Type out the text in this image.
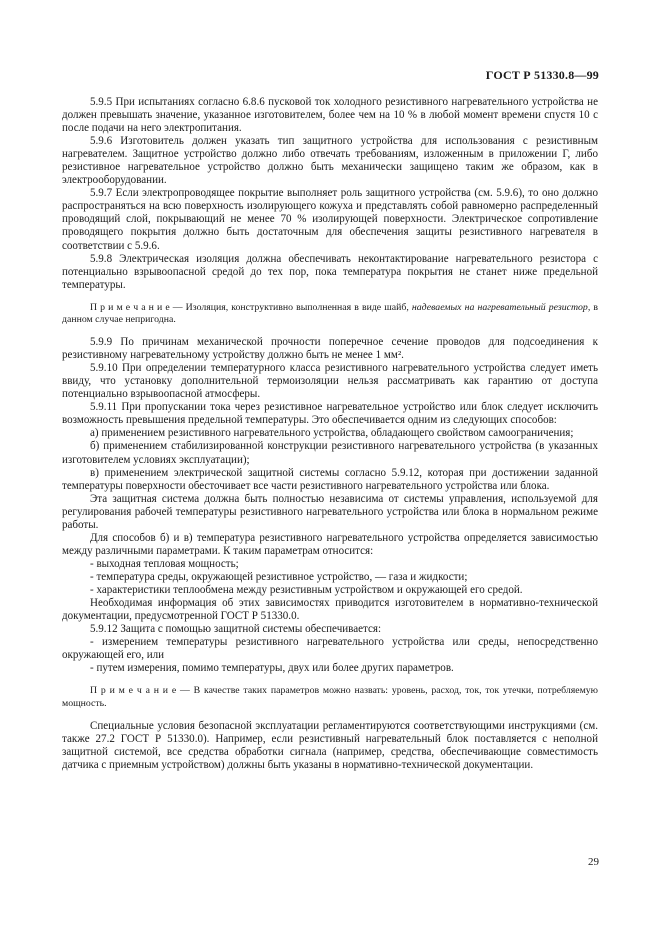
ГОСТ Р 51330.8—99

5.9.5 При испытаниях согласно 6.8.6 пусковой ток холодного резистивного нагревательного устройства не должен превышать значение, указанное изготовителем, более чем на 10 % в любой момент времени спустя 10 с после подачи на него электропитания.

5.9.6 Изготовитель должен указать тип защитного устройства для использования с резистивным нагревателем. Защитное устройство должно либо отвечать требованиям, изложенным в приложении Г, либо резистивное нагревательное устройство должно быть механически защищено таким же образом, как в электрооборудовании.

5.9.7 Если электропроводящее покрытие выполняет роль защитного устройства (см. 5.9.6), то оно должно распространяться на всю поверхность изолирующего кожуха и представлять собой равномерно распределенный проводящий слой, покрывающий не менее 70 % изолирующей поверхности. Электрическое сопротивление проводящего покрытия должно быть достаточным для обеспечения защиты резистивного нагревателя в соответствии с 5.9.6.

5.9.8 Электрическая изоляция должна обеспечивать неконтактирование нагревательного резистора с потенциально взрывоопасной средой до тех пор, пока температура покрытия не станет ниже предельной температуры.

П р и м е ч а н и е — Изоляция, конструктивно выполненная в виде шайб, надеваемых на нагревательный резистор, в данном случае непригодна.

5.9.9 По причинам механической прочности поперечное сечение проводов для подсоединения к резистивному нагревательному устройству должно быть не менее 1 мм².

5.9.10 При определении температурного класса резистивного нагревательного устройства следует иметь ввиду, что установку дополнительной термоизоляции нельзя рассматривать как гарантию от доступа потенциально взрывоопасной атмосферы.

5.9.11 При пропускании тока через резистивное нагревательное устройство или блок следует исключить возможность превышения предельной температуры. Это обеспечивается одним из следующих способов:

а) применением резистивного нагревательного устройства, обладающего свойством самоограничения;

б) применением стабилизированной конструкции резистивного нагревательного устройства (в указанных изготовителем условиях эксплуатации);

в) применением электрической защитной системы согласно 5.9.12, которая при достижении заданной температуры поверхности обесточивает все части резистивного нагревательного устройства или блока.

Эта защитная система должна быть полностью независима от системы управления, используемой для регулирования рабочей температуры резистивного нагревательного устройства или блока в нормальном режиме работы.

Для способов б) и в) температура резистивного нагревательного устройства определяется зависимостью между различными параметрами. К таким параметрам относится:

- выходная тепловая мощность;

- температура среды, окружающей резистивное устройство, — газа и жидкости;

- характеристики теплообмена между резистивным устройством и окружающей его средой.

Необходимая информация об этих зависимостях приводится изготовителем в нормативно-технической документации, предусмотренной ГОСТ Р 51330.0.

5.9.12 Защита с помощью защитной системы обеспечивается:

- измерением температуры резистивного нагревательного устройства или среды, непосредственно окружающей его, или

- путем измерения, помимо температуры, двух или более других параметров.

П р и м е ч а н и е — В качестве таких параметров можно назвать: уровень, расход, ток, ток утечки, потребляемую мощность.

Специальные условия безопасной эксплуатации регламентируются соответствующими инструкциями (см. также 27.2 ГОСТ Р 51330.0). Например, если резистивный нагревательный блок поставляется с неполной защитной системой, все средства обработки сигнала (например, средства, обеспечивающие совместимость датчика с приемным устройством) должны быть указаны в нормативно-технической документации.

29
